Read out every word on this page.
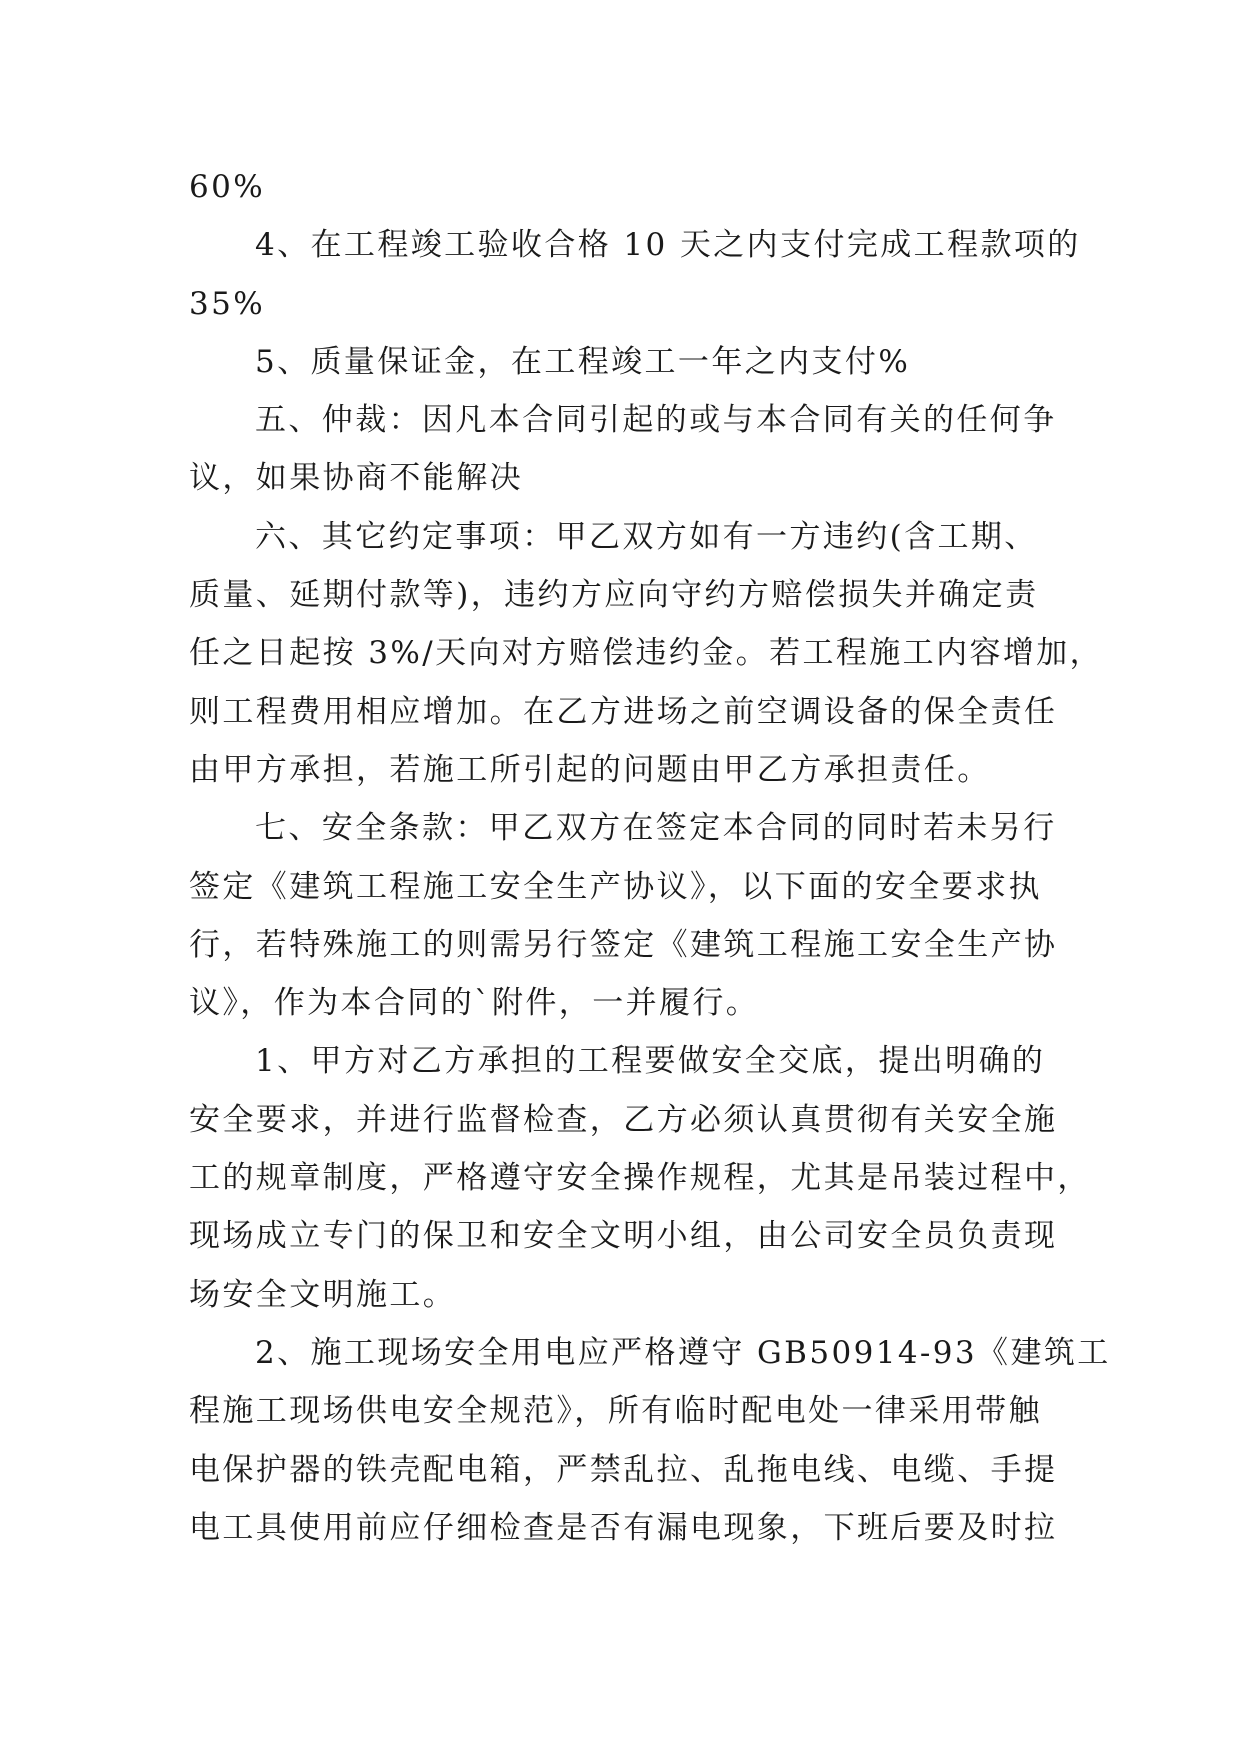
60%
4、在工程竣工验收合格 10 天之内支付完成工程款项的
35%
5、质量保证金，在工程竣工一年之内支付%
五、仲裁：因凡本合同引起的或与本合同有关的任何争
议，如果协商不能解决
六、其它约定事项：甲乙双方如有一方违约(含工期、
质量、延期付款等)，违约方应向守约方赔偿损失并确定责
任之日起按 3%/天向对方赔偿违约金。若工程施工内容增加，
则工程费用相应增加。在乙方进场之前空调设备的保全责任
由甲方承担，若施工所引起的问题由甲乙方承担责任。
七、安全条款：甲乙双方在签定本合同的同时若未另行
签定《建筑工程施工安全生产协议》，以下面的安全要求执
行，若特殊施工的则需另行签定《建筑工程施工安全生产协
议》，作为本合同的`附件，一并履行。
1、甲方对乙方承担的工程要做安全交底，提出明确的
安全要求，并进行监督检查，乙方必须认真贯彻有关安全施
工的规章制度，严格遵守安全操作规程，尤其是吊装过程中，
现场成立专门的保卫和安全文明小组，由公司安全员负责现
场安全文明施工。
2、施工现场安全用电应严格遵守 GB50914-93《建筑工
程施工现场供电安全规范》，所有临时配电处一律采用带触
电保护器的铁壳配电箱，严禁乱拉、乱拖电线、电缆、手提
电工具使用前应仔细检查是否有漏电现象，下班后要及时拉
